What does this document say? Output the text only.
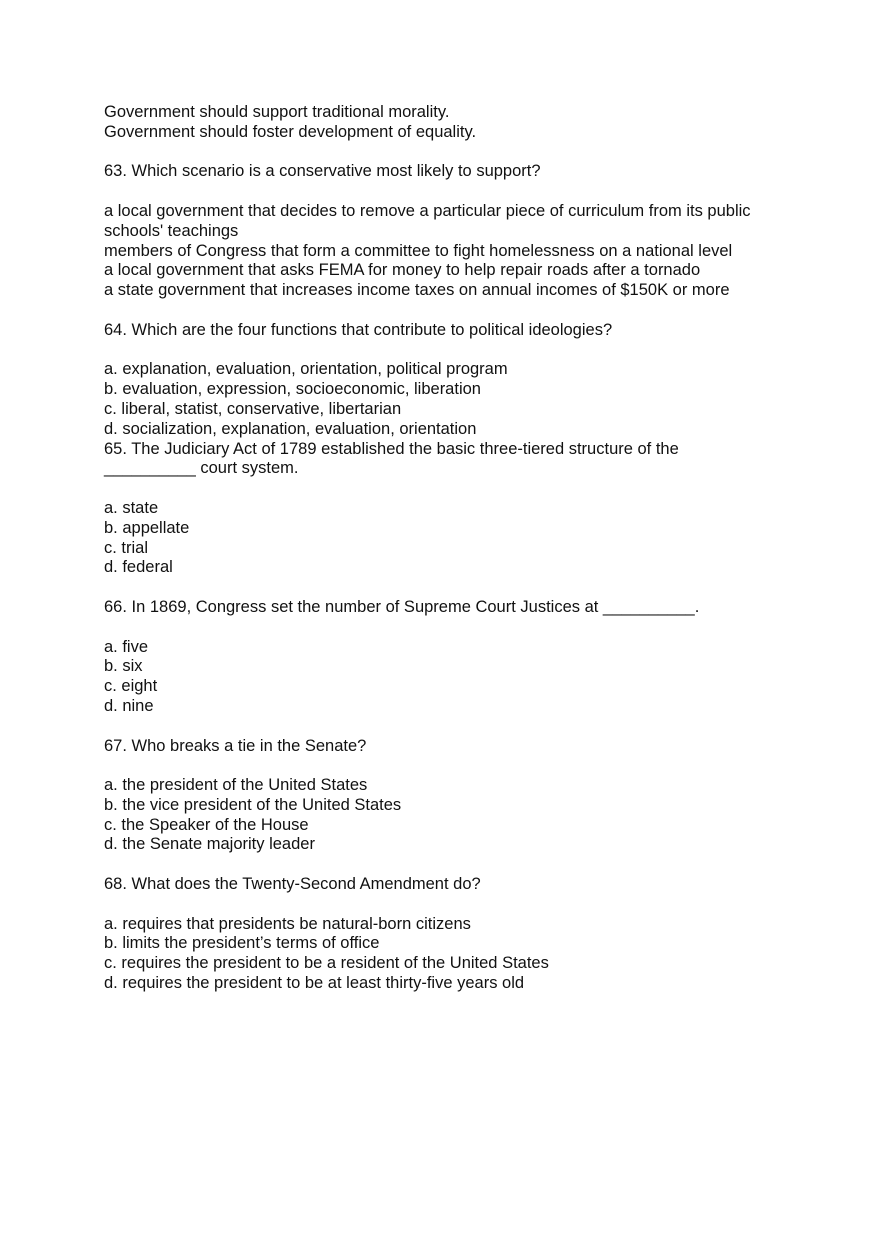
Government should support traditional morality.
Government should foster development of equality.
63. Which scenario is a conservative most likely to support?
a local government that decides to remove a particular piece of curriculum from its public schools' teachings
members of Congress that form a committee to fight homelessness on a national level
a local government that asks FEMA for money to help repair roads after a tornado
a state government that increases income taxes on annual incomes of $150K or more
64. Which are the four functions that contribute to political ideologies?
a. explanation, evaluation, orientation, political program
b. evaluation, expression, socioeconomic, liberation
c. liberal, statist, conservative, libertarian
d. socialization, explanation, evaluation, orientation
65. The Judiciary Act of 1789 established the basic three-tiered structure of the
__________ court system.
a. state
b. appellate
c. trial
d. federal
66. In 1869, Congress set the number of Supreme Court Justices at __________.
a. five
b. six
c. eight
d. nine
67. Who breaks a tie in the Senate?
a. the president of the United States
b. the vice president of the United States
c. the Speaker of the House
d. the Senate majority leader
68. What does the Twenty-Second Amendment do?
a. requires that presidents be natural-born citizens
b. limits the president’s terms of office
c. requires the president to be a resident of the United States
d. requires the president to be at least thirty-five years old
